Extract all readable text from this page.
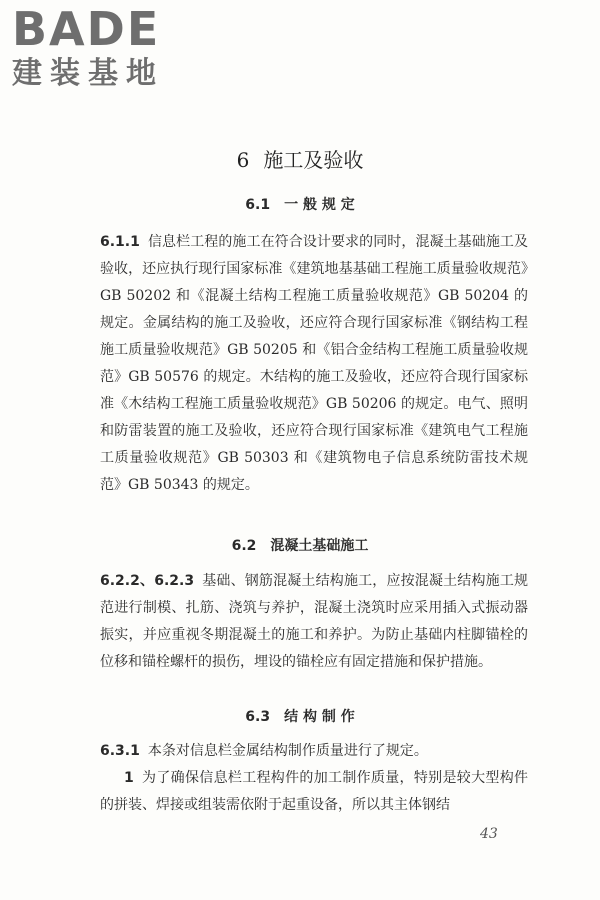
BADE
建装基地
6 施工及验收
6.1 一 般 规 定
6.1.1 信息栏工程的施工在符合设计要求的同时，混凝土基础施工及验收，还应执行现行国家标准《建筑地基基础工程施工质量验收规范》GB 50202 和《混凝土结构工程施工质量验收规范》GB 50204 的规定。金属结构的施工及验收，还应符合现行国家标准《钢结构工程施工质量验收规范》GB 50205 和《铝合金结构工程施工质量验收规范》GB 50576 的规定。木结构的施工及验收，还应符合现行国家标准《木结构工程施工质量验收规范》GB 50206 的规定。电气、照明和防雷装置的施工及验收，还应符合现行国家标准《建筑电气工程施工质量验收规范》GB 50303 和《建筑物电子信息系统防雷技术规范》GB 50343 的规定。
6.2 混凝土基础施工
6.2.2、6.2.3 基础、钢筋混凝土结构施工，应按混凝土结构施工规范进行制模、扎筋、浇筑与养护，混凝土浇筑时应采用插入式振动器振实，并应重视冬期混凝土的施工和养护。为防止基础内柱脚锚栓的位移和锚栓螺杆的损伤，埋设的锚栓应有固定措施和保护措施。
6.3 结 构 制 作
6.3.1 本条对信息栏金属结构制作质量进行了规定。
1 为了确保信息栏工程构件的加工制作质量，特别是较大型构件的拼装、焊接或组装需依附于起重设备，所以其主体钢结
43
